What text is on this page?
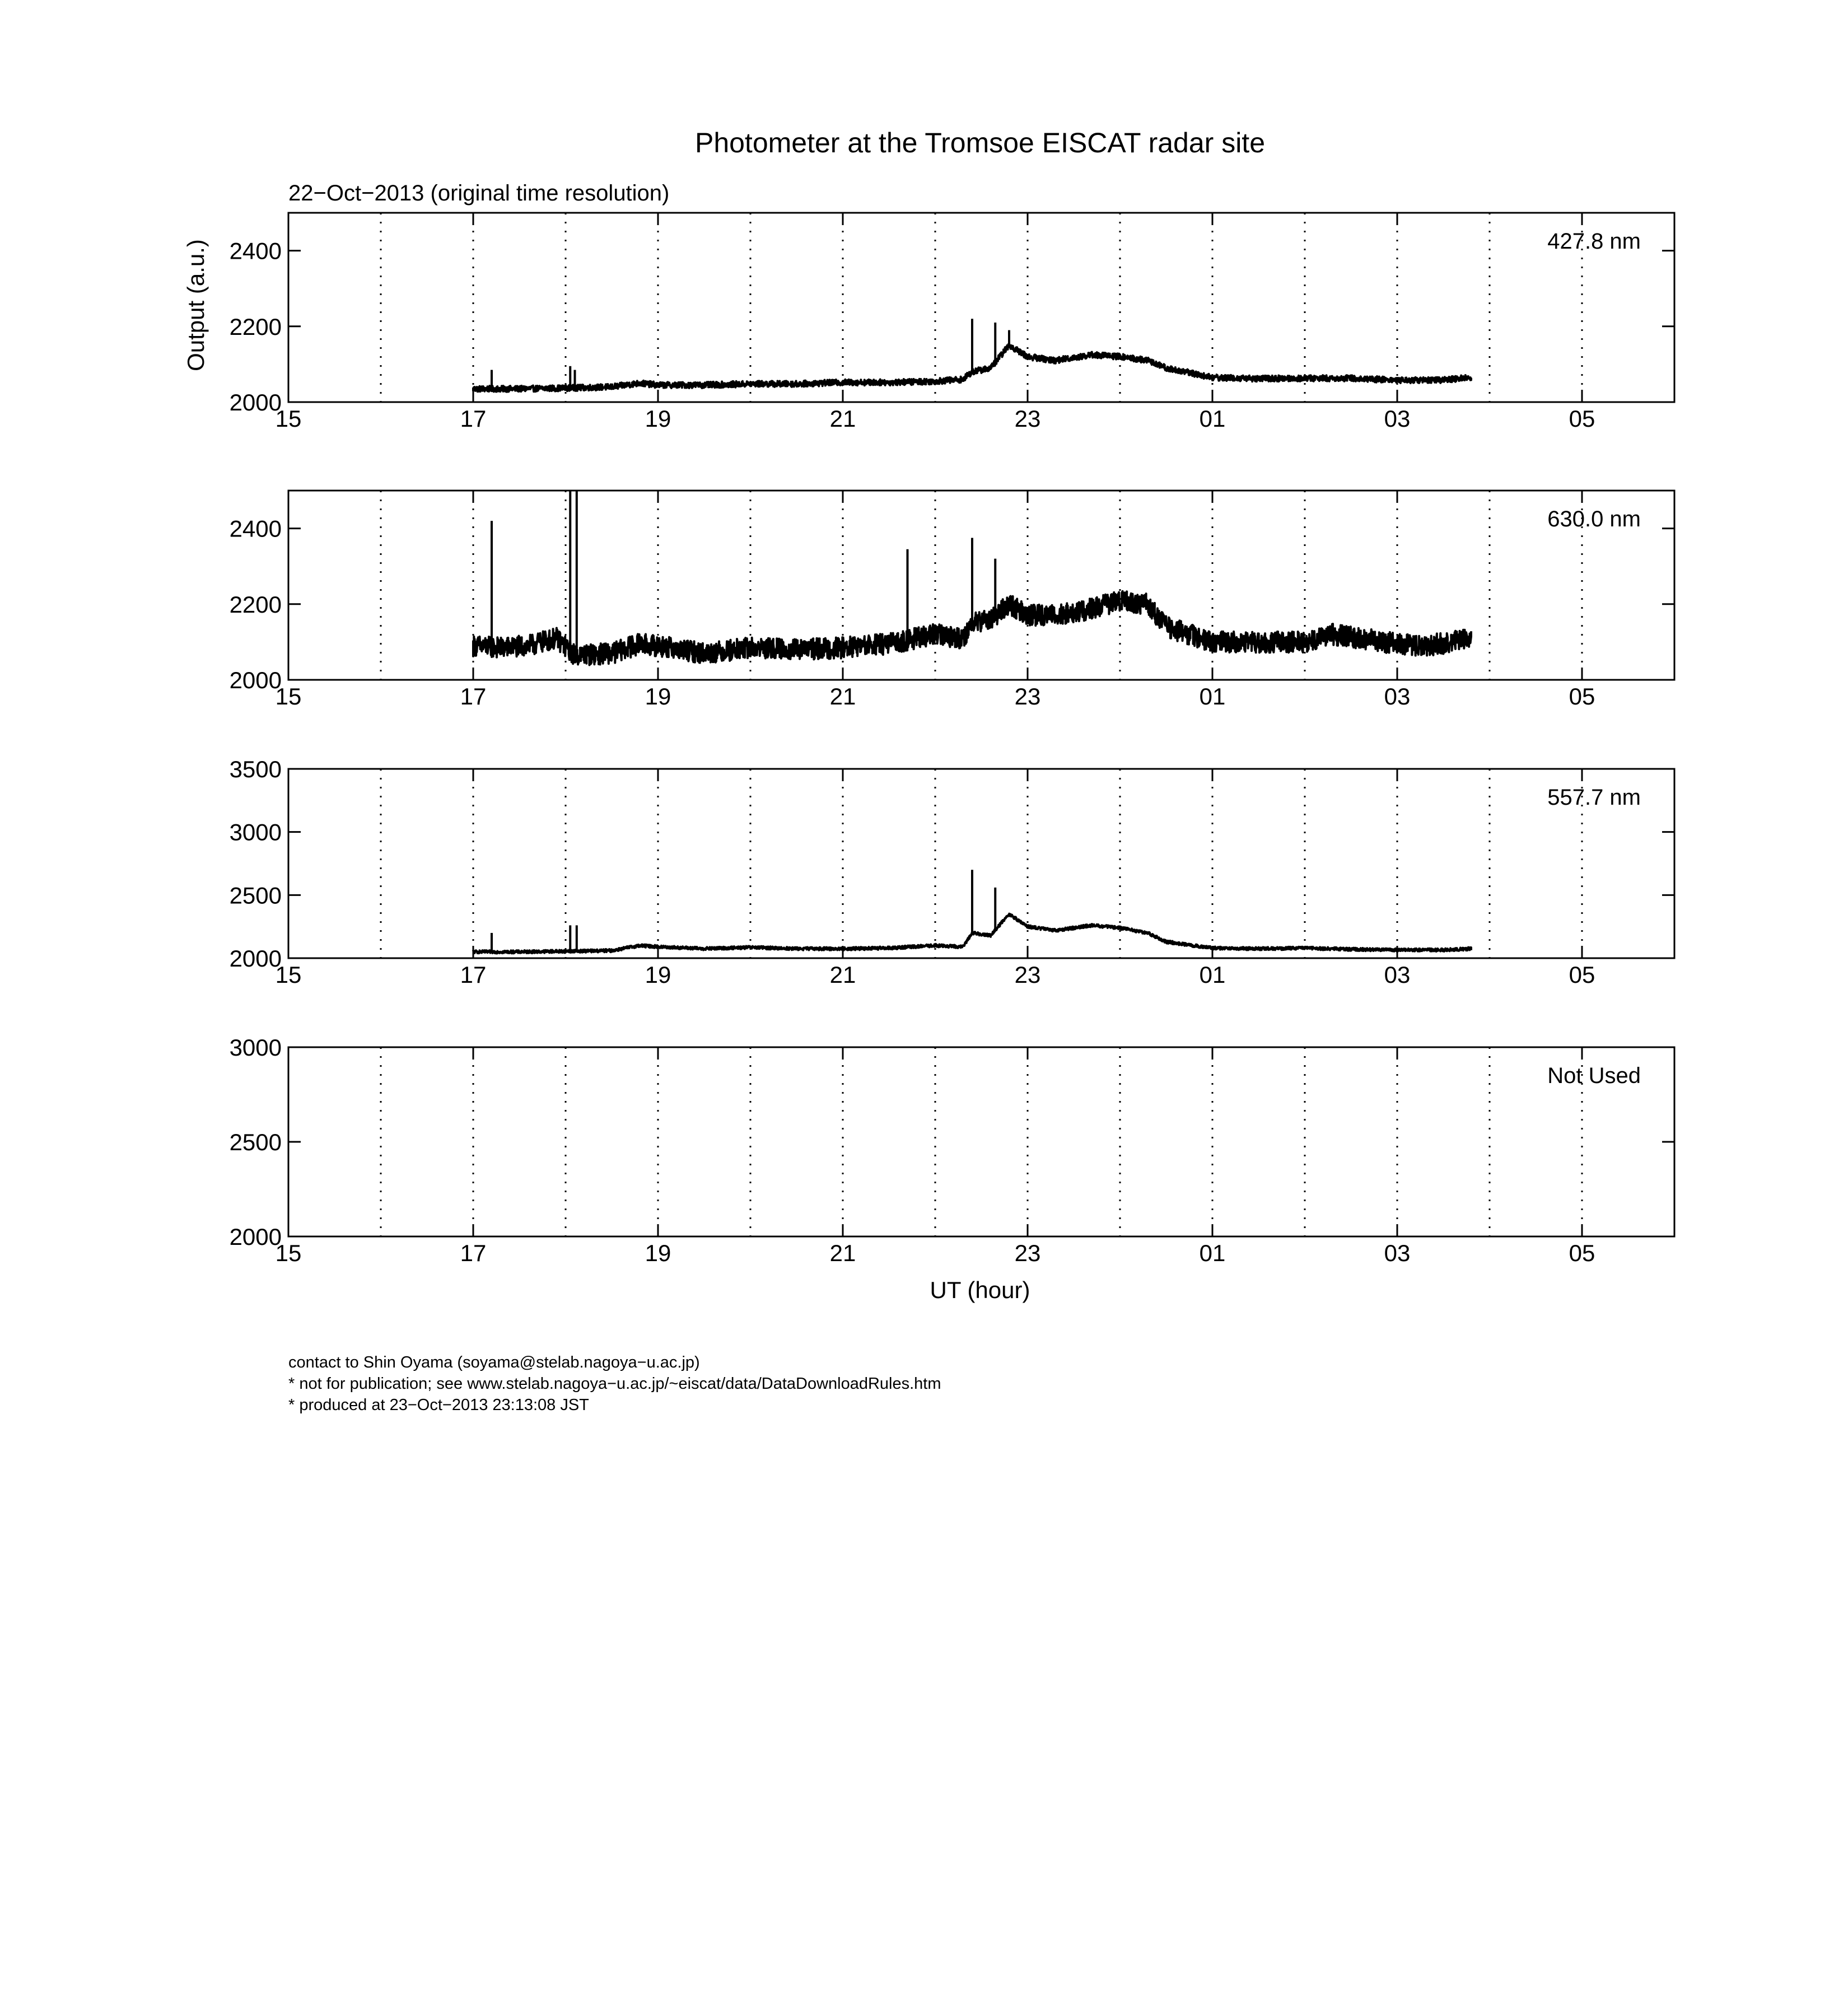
Photometer at the Tromsoe EISCAT radar site
22−Oct−2013 (original time resolution)
Output (a.u.)
15	17	19	21	23	01	03	05
2000
2200
2400	427.8 nm
15	17	19	21	23	01	03	05
2000
2200
2400	630.0 nm
15	17	19	21	23	01	03	05
2000
2500
3000
3500
557.7 nm
15	17	19	21	23	01	03	05
2000
2500
3000
Not Used
UT (hour)
contact to Shin Oyama (soyama@stelab.nagoya−u.ac.jp)
* not for publication; see www.stelab.nagoya−u.ac.jp/~eiscat/data/DataDownloadRules.htm
* produced at 23−Oct−2013 23:13:08 JST
